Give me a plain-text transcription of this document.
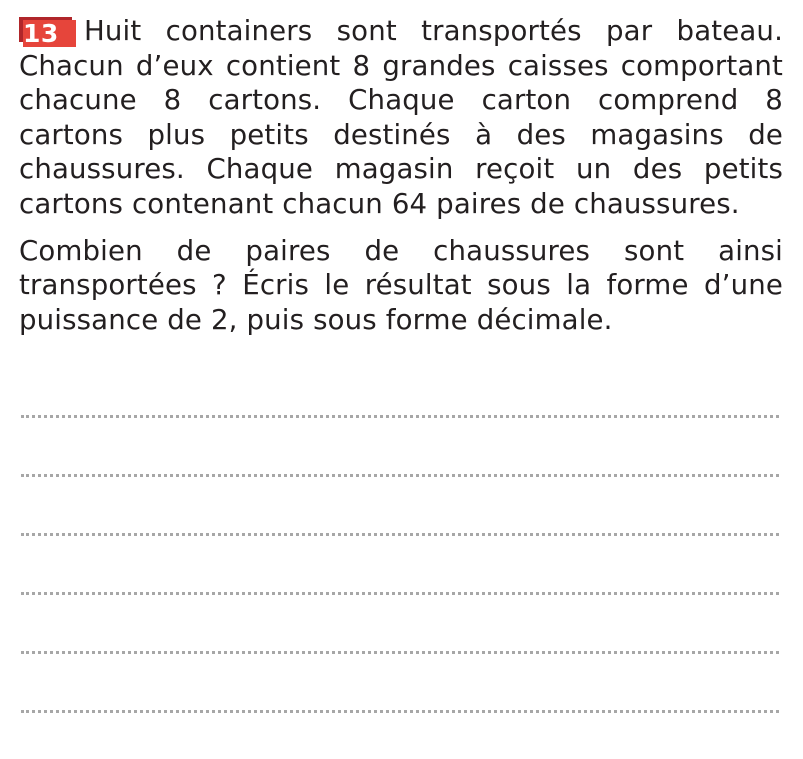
13 Huit containers sont transportés par bateau. Chacun d’eux contient 8 grandes caisses comportant chacune 8 cartons. Chaque carton comprend 8 cartons plus petits destinés à des magasins de chaussures. Chaque magasin reçoit un des petits cartons contenant chacun 64 paires de chaussures.

Combien de paires de chaussures sont ainsi transportées ? Écris le résultat sous la forme d’une puissance de 2, puis sous forme décimale.
